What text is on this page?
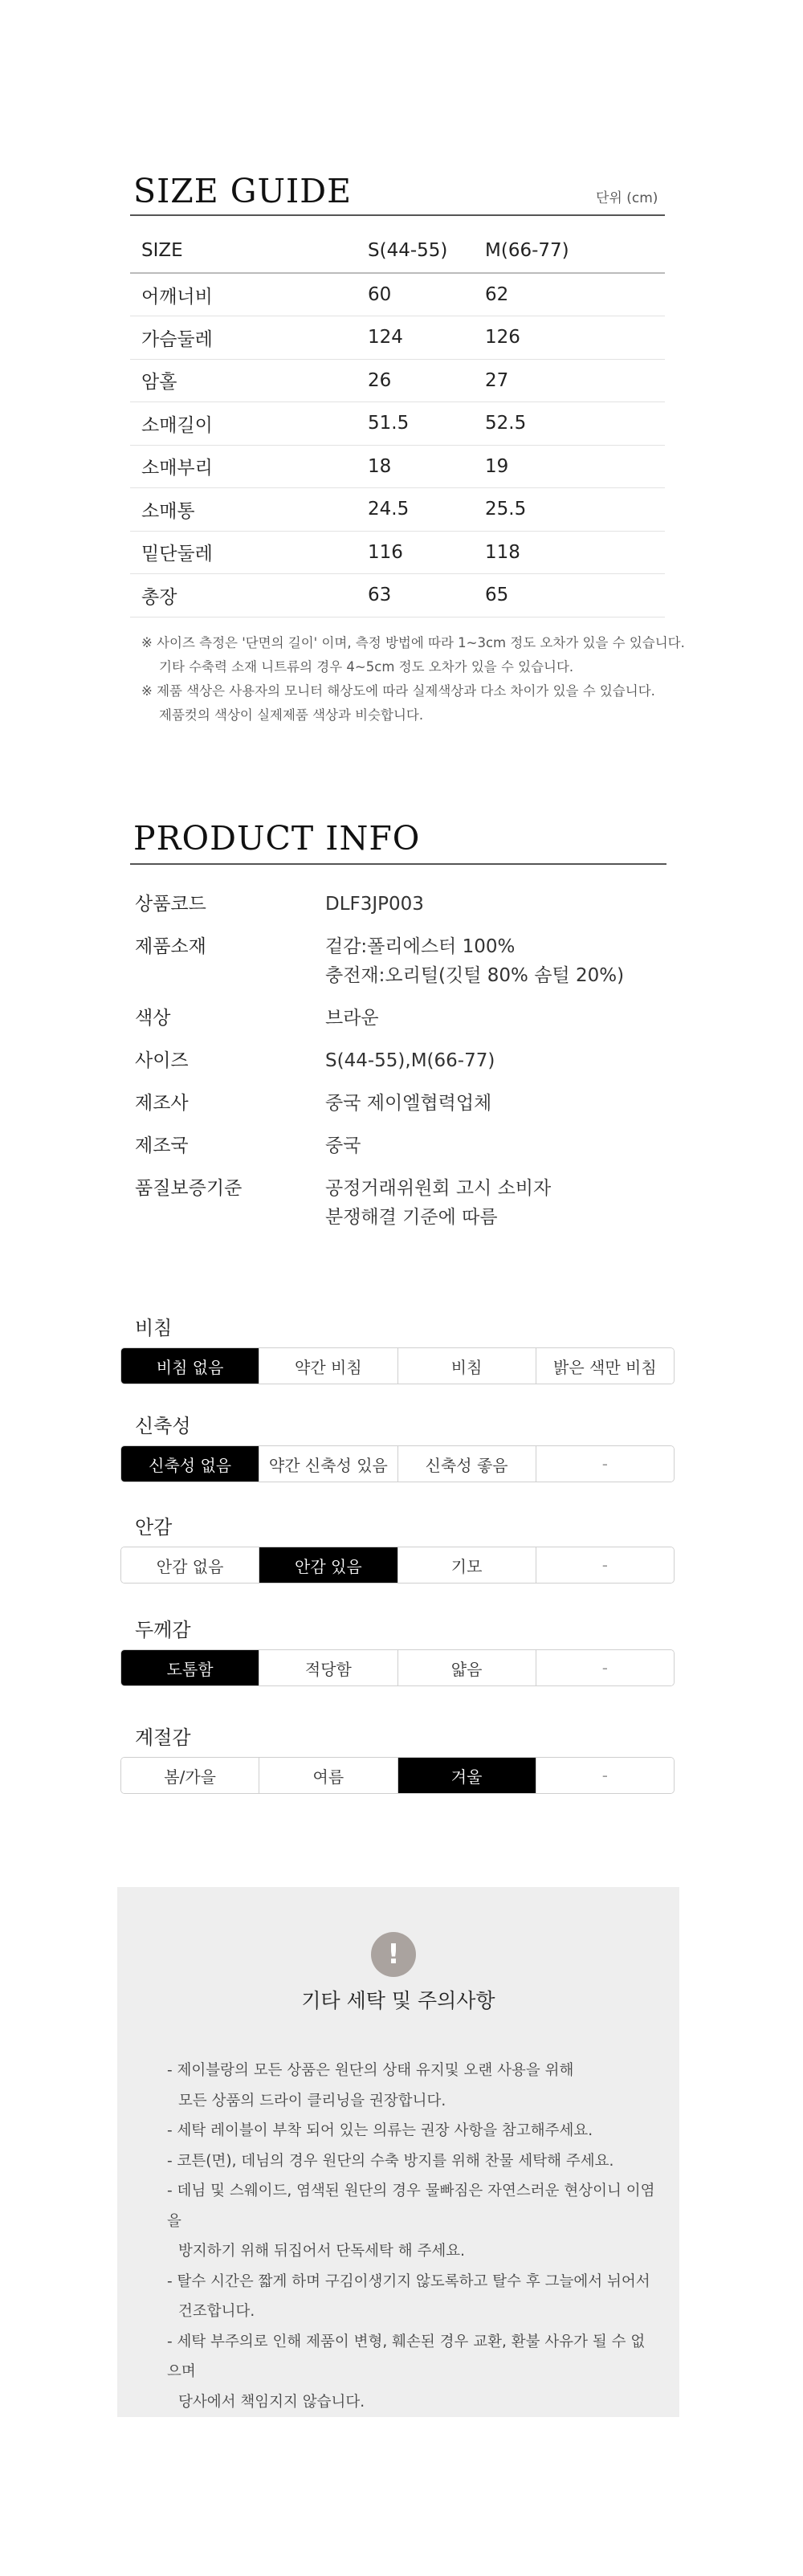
SIZE GUIDE	단위 (cm)
SIZE	S(44-55)	M(66-77)
어깨너비	60	62
가슴둘레	124	126
암홀	26	27
소매길이	51.5	52.5
소매부리	18	19
소매통	24.5	25.5
밑단둘레	116	118
총장	63	65
※ 사이즈 측정은 '단면의 길이' 이며, 측정 방법에 따라 1~3cm 정도 오차가 있을 수 있습니다.
기타 수축력 소재 니트류의 경우 4~5cm 정도 오차가 있을 수 있습니다.
※ 제품 색상은 사용자의 모니터 해상도에 따라 실제색상과 다소 차이가 있을 수 있습니다.
제품컷의 색상이 실제제품 색상과 비슷합니다.
PRODUCT INFO
상품코드	DLF3JP003
제품소재	겉감:폴리에스터 100%
충전재:오리털(깃털 80% 솜털 20%)
색상	브라운
사이즈	S(44-55),M(66-77)
제조사	중국 제이엘협력업체
제조국	중국
품질보증기준	공정거래위원회 고시 소비자
분쟁해결 기준에 따름
비침
비침 없음	약간 비침	비침	밝은 색만 비침
신축성
신축성 없음	약간 신축성 있음	신축성 좋음	-
안감
안감 없음	안감 있음	기모	-
두께감
도톰함	적당함	얇음	-
계절감
봄/가을	여름	겨울	-
!
기타 세탁 및 주의사항
- 제이블랑의 모든 상품은 원단의 상태 유지및 오랜 사용을 위해
모든 상품의 드라이 클리닝을 권장합니다.
- 세탁 레이블이 부착 되어 있는 의류는 권장 사항을 참고해주세요.
- 코튼(면), 데님의 경우 원단의 수축 방지를 위해 찬물 세탁해 주세요.
- 데님 및 스웨이드, 염색된 원단의 경우 물빠짐은 자연스러운 현상이니 이염을
방지하기 위해 뒤집어서 단독세탁 해 주세요.
- 탈수 시간은 짧게 하며 구김이생기지 않도록하고 탈수 후 그늘에서 뉘어서
건조합니다.
- 세탁 부주의로 인해 제품이 변형, 훼손된 경우 교환, 환불 사유가 될 수 없으며
당사에서 책임지지 않습니다.
